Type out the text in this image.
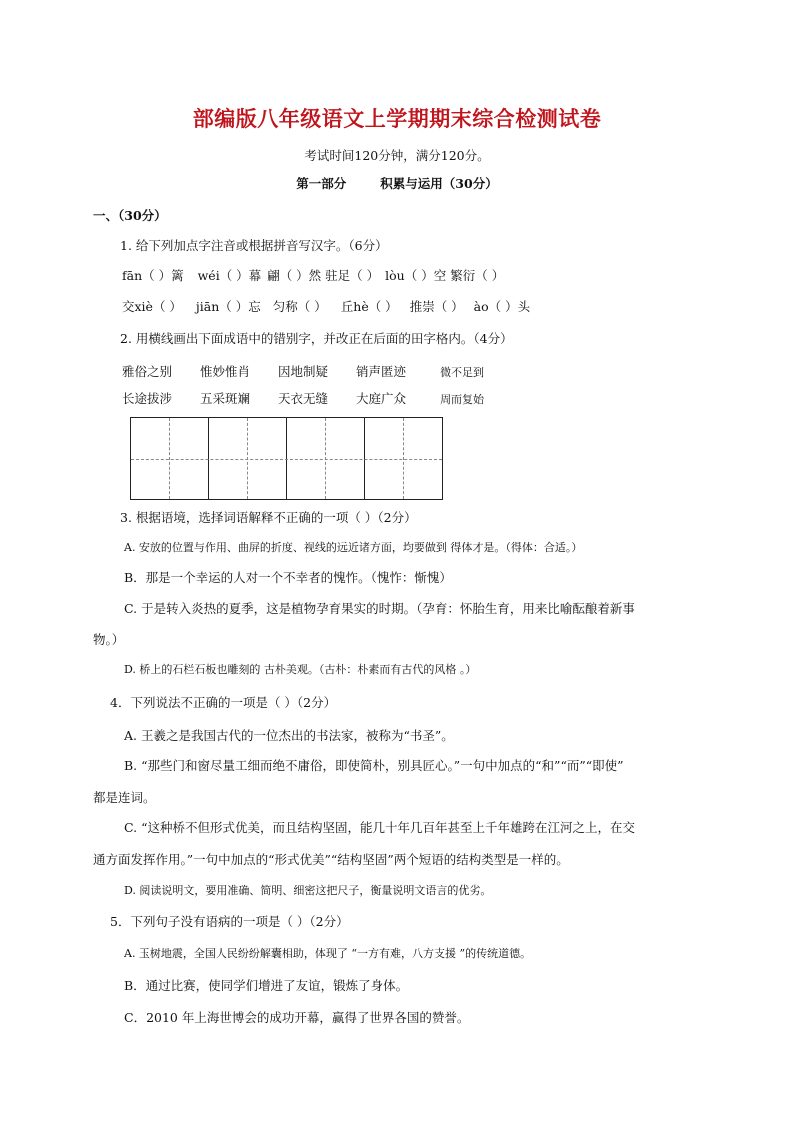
部编版八年级语文上学期期末综合检测试卷
考试时间120分钟，满分120分。
第一部分	积累与运用（30分）
一、（30分）
1. 给下列加点字注音或根据拼音写汉字。（6分）
fān（ ）篱 wéi（ ）幕 翩（ ）然 驻足（ ） lòu（ ）空 繁衍（ ）
交xiè（ ） jiān（ ）忘 匀称（ ） 丘hè（ ） 推崇（ ） ào（ ）头
2. 用横线画出下面成语中的错别字，并改正在后面的田字格内。（4分）
雅俗之别 惟妙惟肖 因地制疑 销声匿迹	微不足到
长途拔涉 五采斑斓 天衣无缝 大庭广众	周而复始
3. 根据语境，选择词语解释不正确的一项（ ）（2分）
A. 安放的位置与作用、曲屏的折度、视线的远近诸方面，均要做到 得体才是。（得体：合适。）
B．那是一个幸运的人对一个不幸者的愧怍。（愧怍：惭愧）
C. 于是转入炎热的夏季，这是植物孕育果实的时期。（孕育：怀胎生育，用来比喻酝酿着新事
物。）
D. 桥上的石栏石板也雕刻的 古朴美观。（古朴：朴素而有古代的风格 。）
4．下列说法不正确的一项是（ ）（2分）
A. 王羲之是我国古代的一位杰出的书法家，被称为“书圣”。
B. “那些门和窗尽量工细而绝不庸俗，即使简朴，别具匠心。”一句中加点的“和”“而”“即使”
都是连词。
C. “这种桥不但形式优美，而且结构坚固，能几十年几百年甚至上千年雄跨在江河之上，在交
通方面发挥作用。”一句中加点的“形式优美”“结构坚固”两个短语的结构类型是一样的。
D. 阅读说明文，要用准确、简明、细密这把尺子，衡量说明文语言的优劣。
5．下列句子没有语病的一项是（ ）（2分）
A. 玉树地震，全国人民纷纷解囊相助，体现了 “一方有难，八方支援 ”的传统道德。
B．通过比赛，使同学们增进了友谊，锻炼了身体。
C．2010 年上海世博会的成功开幕，赢得了世界各国的赞誉。
